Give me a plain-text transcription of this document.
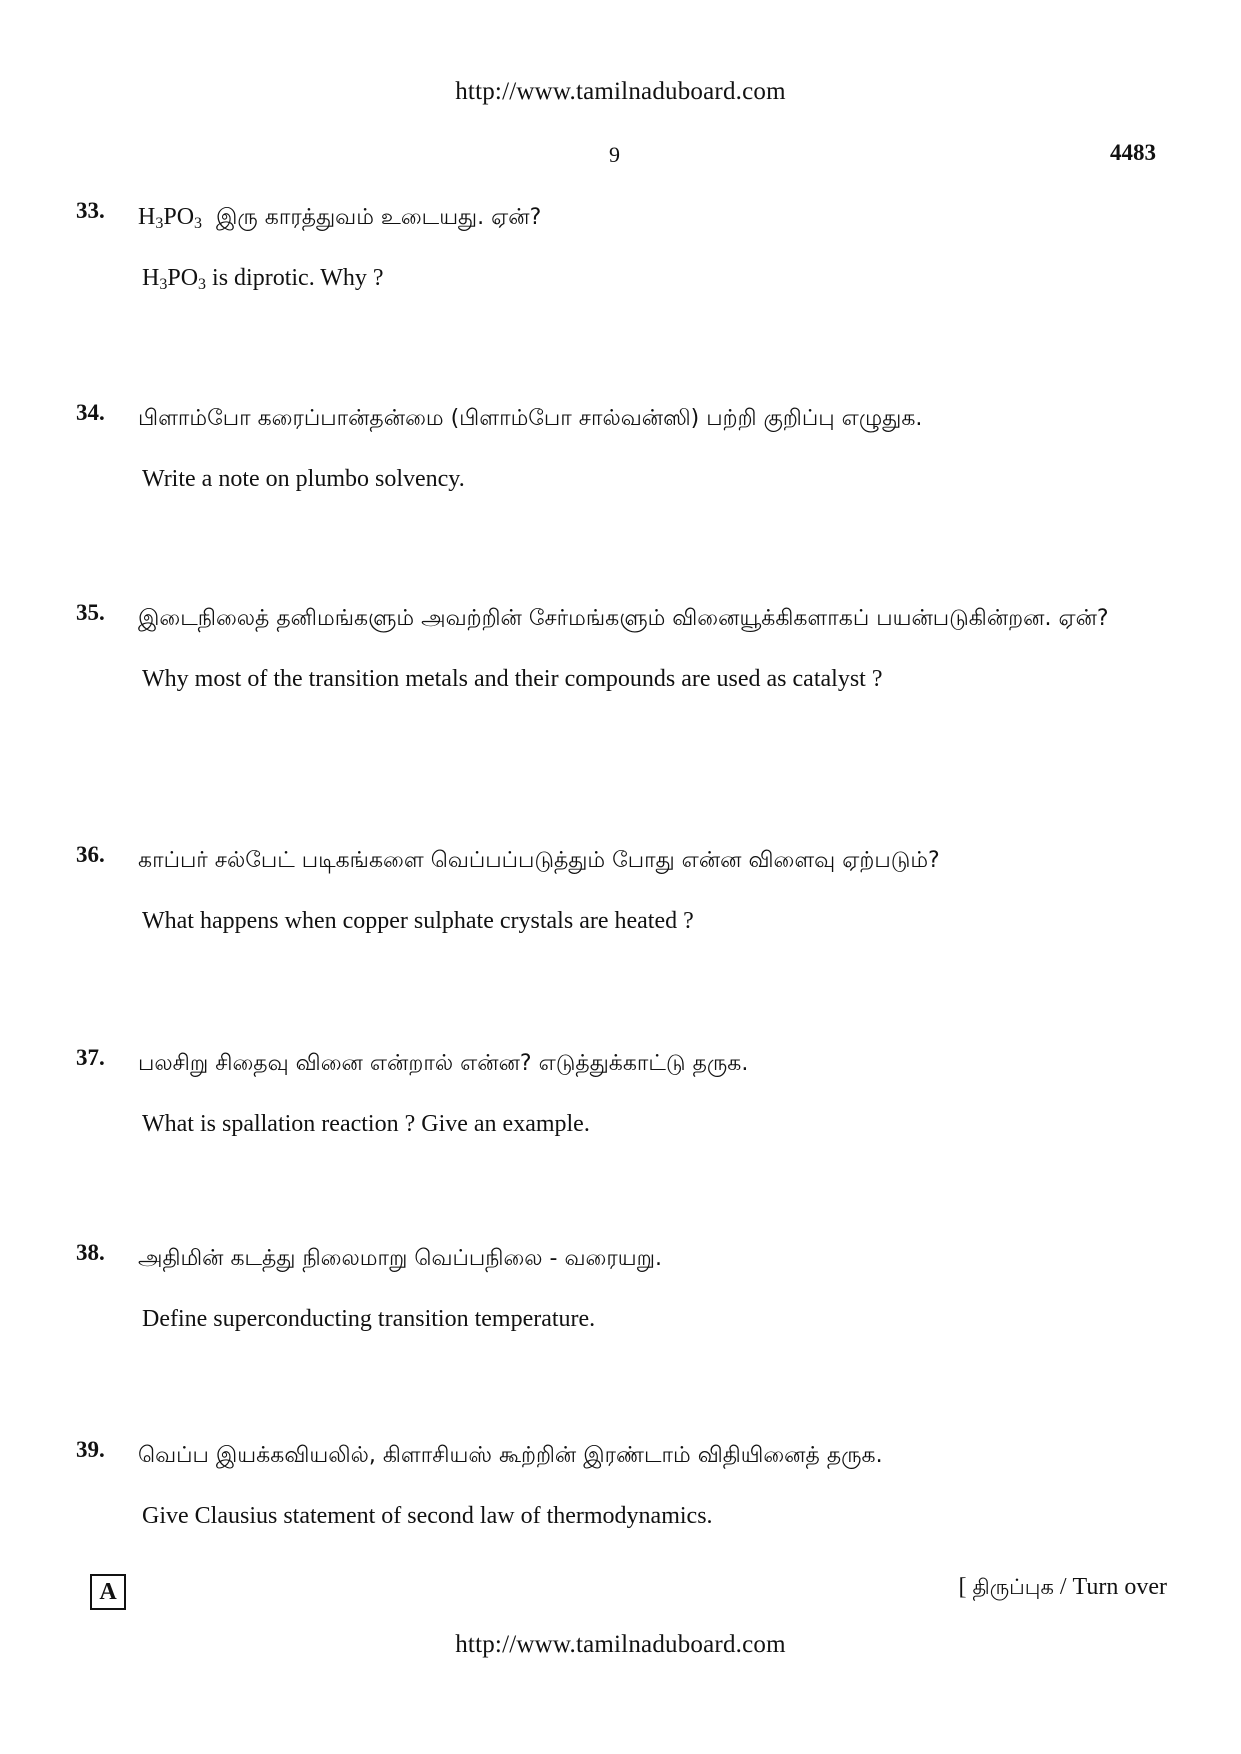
http://www.tamilnaduboard.com
9	4483
33.	$H_3PO_3$ இரு காரத்துவம் உடையது. ஏன்?
$H_3PO_3$ is diprotic. Why ?
34.	பிளாம்போ கரைப்பான்தன்மை (பிளாம்போ சால்வன்ஸி) பற்றி குறிப்பு எழுதுக.
Write a note on plumbo solvency.
35.	இடைநிலைத் தனிமங்களும் அவற்றின் சேர்மங்களும் வினையூக்கிகளாகப் பயன்படுகின்றன. ஏன்?
Why most of the transition metals and their compounds are used as catalyst ?
36.	காப்பர் சல்பேட் படிகங்களை வெப்பப்படுத்தும் போது என்ன விளைவு ஏற்படும்?
What happens when copper sulphate crystals are heated ?
37.	பலசிறு சிதைவு வினை என்றால் என்ன? எடுத்துக்காட்டு தருக.
What is spallation reaction ? Give an example.
38.	அதிமின் கடத்து நிலைமாறு வெப்பநிலை - வரையறு.
Define superconducting transition temperature.
39.	வெப்ப இயக்கவியலில், கிளாசியஸ் கூற்றின் இரண்டாம் விதியினைத் தருக.
Give Clausius statement of second law of thermodynamics.
A	[ திருப்புக / Turn over
http://www.tamilnaduboard.com
